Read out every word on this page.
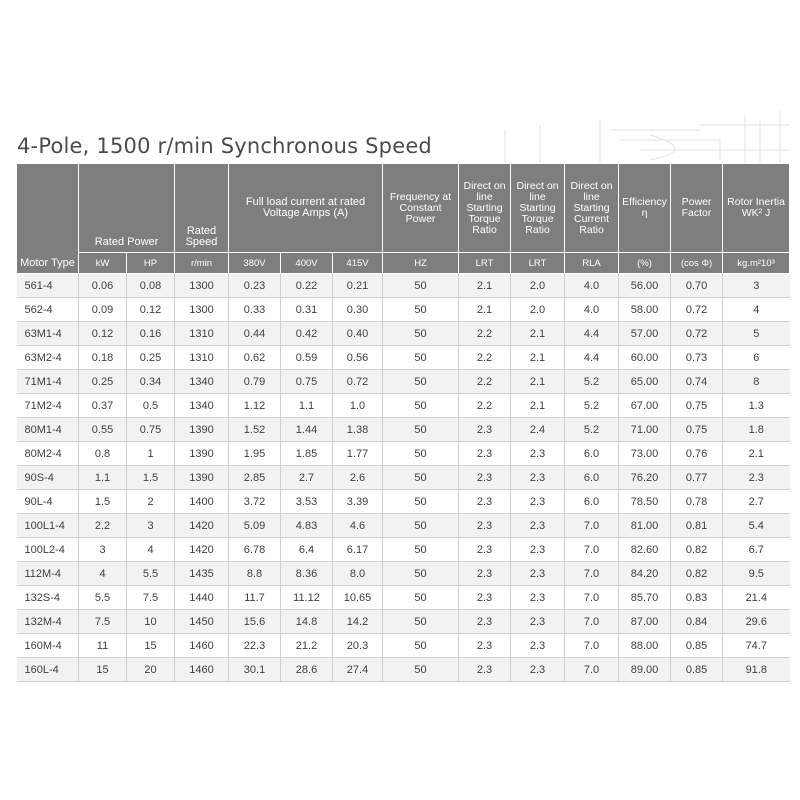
4-Pole, 1500 r/min Synchronous Speed
Motor Type	Rated Power		Rated Speed	Full load current at rated Voltage Amps (A)			Frequency at Constant Power	Direct on line Starting Torque Ratio	Direct on line Starting Torque Ratio	Direct on line Starting Current Ratio	Efficiency η	Power Factor	Rotor Inertia WK² J
	kW	HP	r/min	380V	400V	415V	HZ	LRT	LRT	RLA	(%)	(cos Φ)	kg.m²10³
561-4	0.06	0.08	1300	0.23	0.22	0.21	50	2.1	2.0	4.0	56.00	0.70	3
562-4	0.09	0.12	1300	0.33	0.31	0.30	50	2.1	2.0	4.0	58.00	0.72	4
63M1-4	0.12	0.16	1310	0.44	0.42	0.40	50	2.2	2.1	4.4	57.00	0.72	5
63M2-4	0.18	0.25	1310	0.62	0.59	0.56	50	2.2	2.1	4.4	60.00	0.73	6
71M1-4	0.25	0.34	1340	0.79	0.75	0.72	50	2.2	2.1	5.2	65.00	0.74	8
71M2-4	0.37	0.5	1340	1.12	1.1	1.0	50	2.2	2.1	5.2	67.00	0.75	1.3
80M1-4	0.55	0.75	1390	1.52	1.44	1.38	50	2.3	2.4	5.2	71.00	0.75	1.8
80M2-4	0.8	1	1390	1.95	1.85	1.77	50	2.3	2.3	6.0	73.00	0.76	2.1
90S-4	1.1	1.5	1390	2.85	2.7	2.6	50	2.3	2.3	6.0	76.20	0.77	2.3
90L-4	1.5	2	1400	3.72	3.53	3.39	50	2.3	2.3	6.0	78.50	0.78	2.7
100L1-4	2.2	3	1420	5.09	4.83	4.6	50	2.3	2.3	7.0	81.00	0.81	5.4
100L2-4	3	4	1420	6.78	6.4	6.17	50	2.3	2.3	7.0	82.60	0.82	6.7
112M-4	4	5.5	1435	8.8	8.36	8.0	50	2.3	2.3	7.0	84.20	0.82	9.5
132S-4	5.5	7.5	1440	11.7	11.12	10.65	50	2.3	2.3	7.0	85.70	0.83	21.4
132M-4	7.5	10	1450	15.6	14.8	14.2	50	2.3	2.3	7.0	87.00	0.84	29.6
160M-4	11	15	1460	22.3	21.2	20.3	50	2.3	2.3	7.0	88.00	0.85	74.7
160L-4	15	20	1460	30.1	28.6	27.4	50	2.3	2.3	7.0	89.00	0.85	91.8
